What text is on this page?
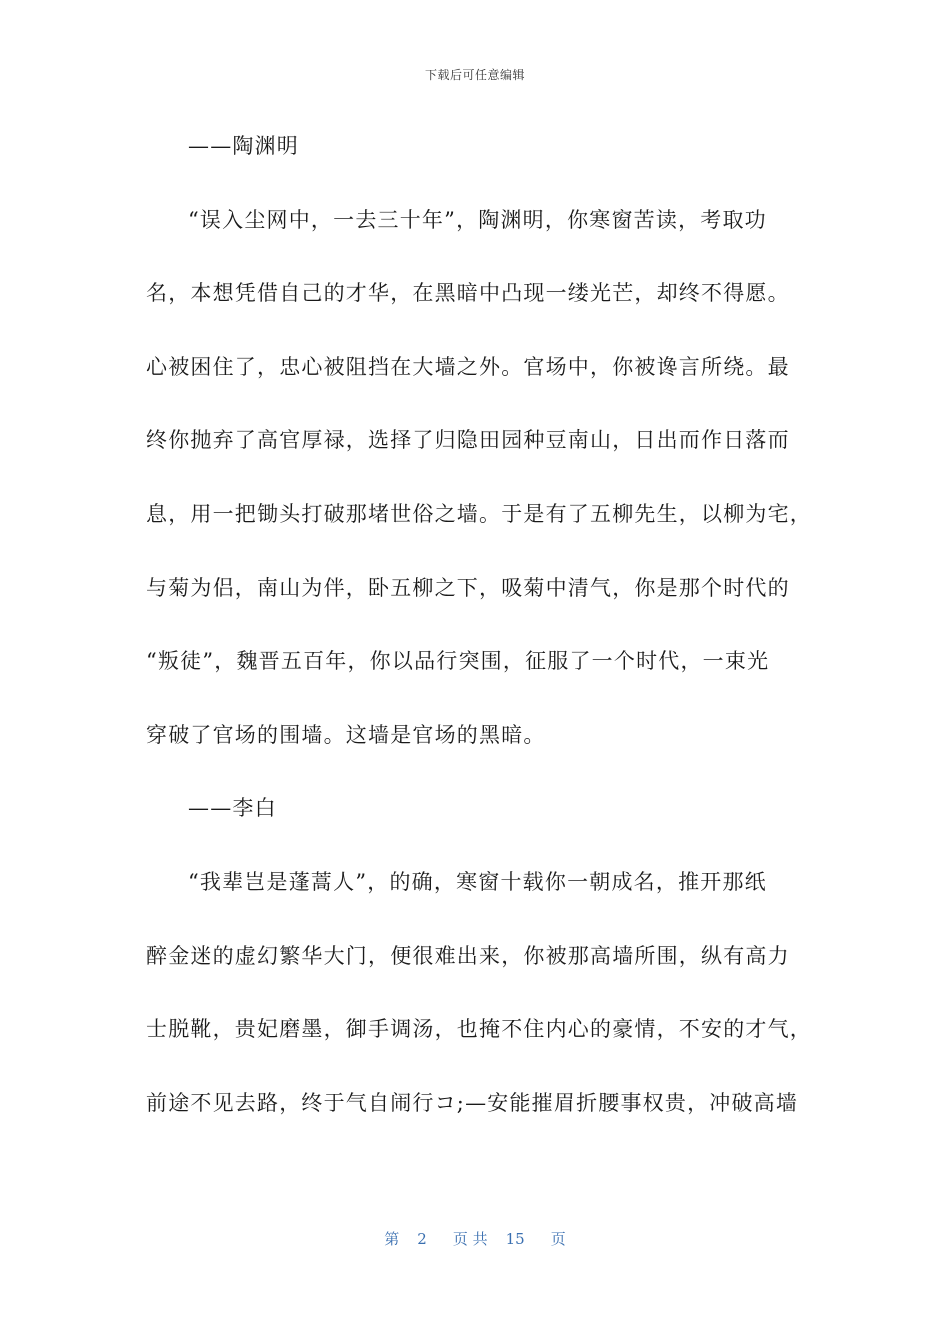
下载后可任意编辑
——陶渊明
“误入尘网中，一去三十年”，陶渊明，你寒窗苦读，考取功
名，本想凭借自己的才华，在黑暗中凸现一缕光芒，却终不得愿。
心被困住了，忠心被阻挡在大墙之外。官场中，你被谗言所绕。最
终你抛弃了高官厚禄，选择了归隐田园种豆南山，日出而作日落而
息，用一把锄头打破那堵世俗之墙。于是有了五柳先生，以柳为宅，
与菊为侣，南山为伴，卧五柳之下，吸菊中清气，你是那个时代的
“叛徒”，魏晋五百年，你以品行突围，征服了一个时代，一束光
穿破了官场的围墙。这墙是官场的黑暗。
——李白
“我辈岂是蓬蒿人”，的确，寒窗十载你一朝成名，推开那纸
醉金迷的虚幻繁华大门，便很难出来，你被那高墙所围，纵有高力
士脱靴，贵妃磨墨，御手调汤，也掩不住内心的豪情，不安的才气，
前途不见去路，终于气自闹行コ;—安能摧眉折腰事权贵，冲破高墙
第 2 页 共 15 页
